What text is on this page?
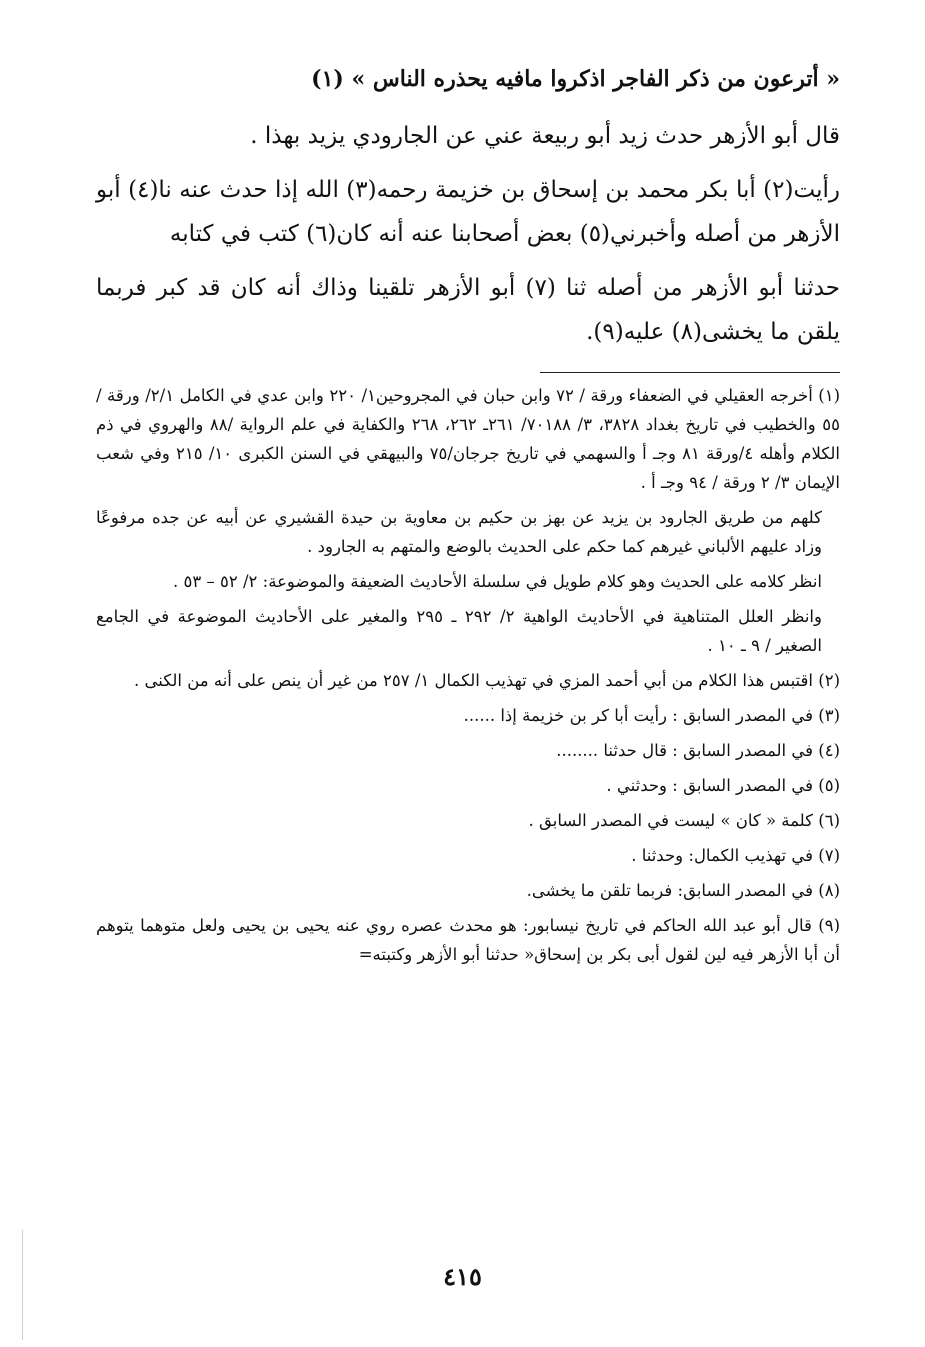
« أترعون من ذكر الفاجر اذكروا مافيه يحذره الناس » (١)

قال أبو الأزهر حدث زيد أبو ربيعة عني عن الجارودي يزيد بهذا .

رأيت(٢) أبا بكر محمد بن إسحاق بن خزيمة رحمه(٣) الله إذا حدث عنه نا(٤) أبو الأزهر من أصله وأخبرني(٥) بعض أصحابنا عنه أنه كان(٦) كتب في كتابه

حدثنا أبو الأزهر من أصله ثنا (٧) أبو الأزهر تلقينا وذاك أنه كان قد كبر فربما يلقن ما يخشى(٨) عليه(٩).

(١) أخرجه العقيلي في الضعفاء ورقة / ٧٢ وابن حبان في المجروحين١/ ٢٢٠ وابن عدي في الكامل ٢/١/ ورقة / ٥٥ والخطيب في تاريخ بغداد ٣٨٢٨، ٣/ ٧٠١٨٨/ ٢٦١ـ ٢٦٢، ٢٦٨ والكفاية في علم الرواية /٨٨ والهروي في ذم الكلام وأهله ٤/ورقة ٨١ وجـ أ والسهمي في تاريخ جرجان/٧٥ والبيهقي في السنن الكبرى ١٠/ ٢١٥ وفي شعب الإيمان ٣/ ٢ ورقة / ٩٤ وجـ أ .

كلهم من طريق الجارود بن يزيد عن بهز بن حكيم بن معاوية بن حيدة القشيري عن أبيه عن جده مرفوعًا وزاد عليهم الألباني غيرهم كما حكم على الحديث بالوضع والمتهم به الجارود .

انظر كلامه على الحديث وهو كلام طويل في سلسلة الأحاديث الضعيفة والموضوعة: ٢/ ٥٢ – ٥٣ .

وانظر العلل المتناهية في الأحاديث الواهية ٢/ ٢٩٢ ـ ٢٩٥ والمغير على الأحاديث الموضوعة في الجامع الصغير / ٩ ـ ١٠ .

(٢) اقتبس هذا الكلام من أبي أحمد المزي في تهذيب الكمال ١/ ٢٥٧ من غير أن ينص على أنه من الكنى .

(٣) في المصدر السابق : رأيت أبا كر بن خزيمة إذا ......

(٤) في المصدر السابق : قال حدثنا ........

(٥) في المصدر السابق : وحدثني .

(٦) كلمة « كان » ليست في المصدر السابق .

(٧) في تهذيب الكمال: وحدثنا .

(٨) في المصدر السابق: فربما تلقن ما يخشى.

(٩) قال أبو عبد الله الحاكم في تاريخ نيسابور: هو محدث عصره روي عنه يحيى بن يحيى ولعل متوهما يتوهم أن أبا الأزهر فيه لين لقول أبى بكر بن إسحاق« حدثنا أبو الأزهر وكتبته=

٤١٥
